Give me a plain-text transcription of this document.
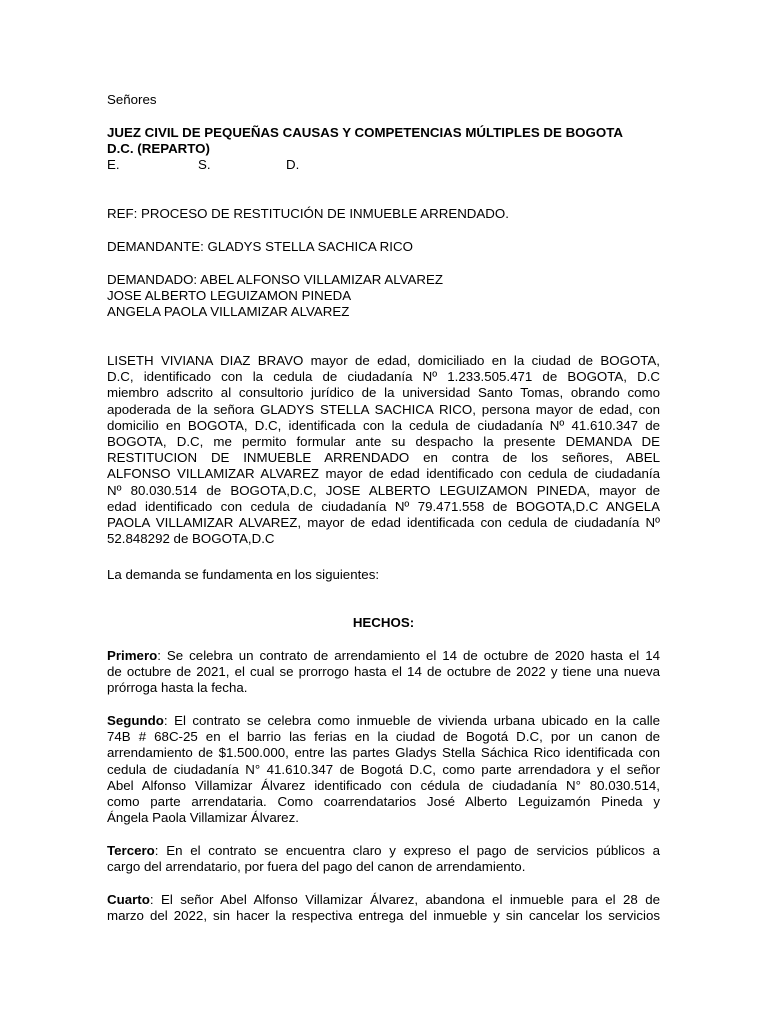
Señores
JUEZ CIVIL DE PEQUEÑAS CAUSAS Y COMPETENCIAS MÚLTIPLES DE BOGOTA
D.C. (REPARTO)
E.	S.	D.
REF: PROCESO DE RESTITUCIÓN DE INMUEBLE ARRENDADO.
DEMANDANTE: GLADYS STELLA SACHICA RICO
DEMANDADO: ABEL ALFONSO VILLAMIZAR ALVAREZ
JOSE ALBERTO LEGUIZAMON PINEDA
ANGELA PAOLA VILLAMIZAR ALVAREZ
LISETH VIVIANA DIAZ BRAVO mayor de edad, domiciliado en la ciudad de BOGOTA,
D.C, identificado con la cedula de ciudadanía Nº 1.233.505.471 de BOGOTA, D.C
miembro adscrito al consultorio jurídico de la universidad Santo Tomas, obrando como
apoderada de la señora GLADYS STELLA SACHICA RICO, persona mayor de edad, con
domicilio en BOGOTA, D.C, identificada con la cedula de ciudadanía Nº 41.610.347 de
BOGOTA, D.C, me permito formular ante su despacho la presente DEMANDA DE
RESTITUCION DE INMUEBLE ARRENDADO en contra de los señores, ABEL
ALFONSO VILLAMIZAR ALVAREZ mayor de edad identificado con cedula de ciudadanía
Nº 80.030.514 de BOGOTA,D.C, JOSE ALBERTO LEGUIZAMON PINEDA, mayor de
edad identificado con cedula de ciudadanía Nº 79.471.558 de BOGOTA,D.C ANGELA
PAOLA VILLAMIZAR ALVAREZ, mayor de edad identificada con cedula de ciudadanía Nº
52.848292 de BOGOTA,D.C
La demanda se fundamenta en los siguientes:
HECHOS:
Primero: Se celebra un contrato de arrendamiento el 14 de octubre de 2020 hasta el 14
de octubre de 2021, el cual se prorrogo hasta el 14 de octubre de 2022 y tiene una nueva
prórroga hasta la fecha.
Segundo: El contrato se celebra como inmueble de vivienda urbana ubicado en la calle
74B # 68C-25 en el barrio las ferias en la ciudad de Bogotá D.C, por un canon de
arrendamiento de $1.500.000, entre las partes Gladys Stella Sáchica Rico identificada con
cedula de ciudadanía N° 41.610.347 de Bogotá D.C, como parte arrendadora y el señor
Abel Alfonso Villamizar Álvarez identificado con cédula de ciudadanía N° 80.030.514,
como parte arrendataria. Como coarrendatarios José Alberto Leguizamón Pineda y
Ángela Paola Villamizar Álvarez.
Tercero: En el contrato se encuentra claro y expreso el pago de servicios públicos a
cargo del arrendatario, por fuera del pago del canon de arrendamiento.
Cuarto: El señor Abel Alfonso Villamizar Álvarez, abandona el inmueble para el 28 de
marzo del 2022, sin hacer la respectiva entrega del inmueble y sin cancelar los servicios
